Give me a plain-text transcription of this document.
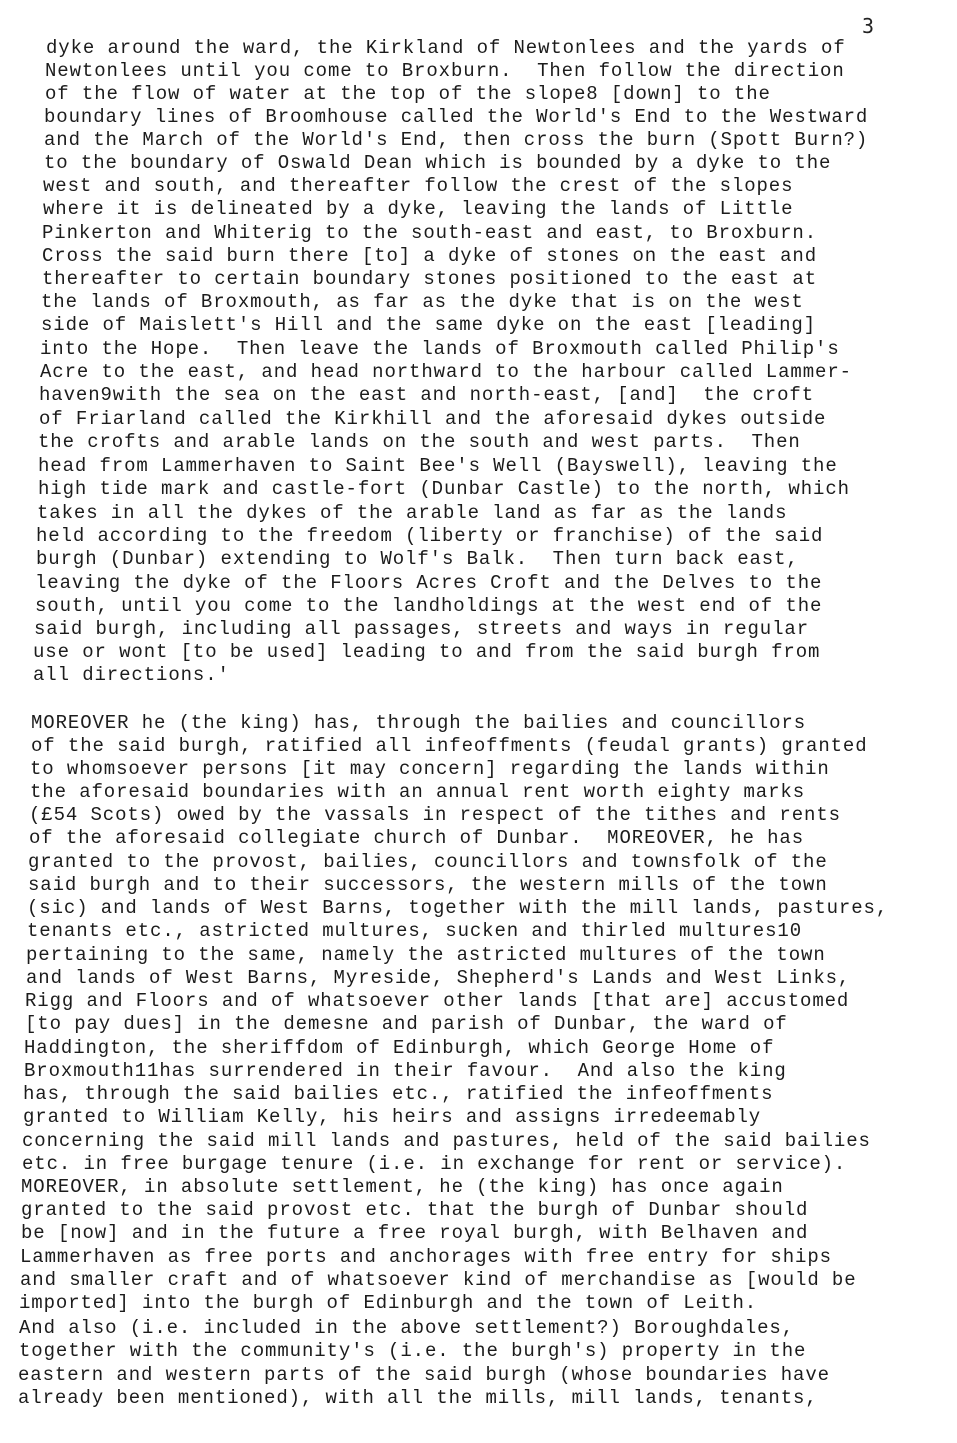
3
dyke around the ward, the Kirkland of Newtonlees and the yards of
Newtonlees until you come to Broxburn.  Then follow the direction
of the flow of water at the top of the slope8 [down] to the
boundary lines of Broomhouse called the World's End to the Westward
and the March of the World's End, then cross the burn (Spott Burn?)
to the boundary of Oswald Dean which is bounded by a dyke to the
west and south, and thereafter follow the crest of the slopes
where it is delineated by a dyke, leaving the lands of Little
Pinkerton and Whiterig to the south-east and east, to Broxburn.
Cross the said burn there [to] a dyke of stones on the east and
thereafter to certain boundary stones positioned to the east at
the lands of Broxmouth, as far as the dyke that is on the west
side of Maislett's Hill and the same dyke on the east [leading]
into the Hope.  Then leave the lands of Broxmouth called Philip's
Acre to the east, and head northward to the harbour called Lammer-
haven9with the sea on the east and north-east, [and]  the croft
of Friarland called the Kirkhill and the aforesaid dykes outside
the crofts and arable lands on the south and west parts.  Then
head from Lammerhaven to Saint Bee's Well (Bayswell), leaving the
high tide mark and castle-fort (Dunbar Castle) to the north, which
takes in all the dykes of the arable land as far as the lands
held according to the freedom (liberty or franchise) of the said
burgh (Dunbar) extending to Wolf's Balk.  Then turn back east,
leaving the dyke of the Floors Acres Croft and the Delves to the
south, until you come to the landholdings at the west end of the
said burgh, including all passages, streets and ways in regular
use or wont [to be used] leading to and from the said burgh from
all directions.'
MOREOVER he (the king) has, through the bailies and councillors
of the said burgh, ratified all infeoffments (feudal grants) granted
to whomsoever persons [it may concern] regarding the lands within
the aforesaid boundaries with an annual rent worth eighty marks
(£54 Scots) owed by the vassals in respect of the tithes and rents
of the aforesaid collegiate church of Dunbar.  MOREOVER, he has
granted to the provost, bailies, councillors and townsfolk of the
said burgh and to their successors, the western mills of the town
(sic) and lands of West Barns, together with the mill lands, pastures,
tenants etc., astricted multures, sucken and thirled multures10
pertaining to the same, namely the astricted multures of the town
and lands of West Barns, Myreside, Shepherd's Lands and West Links,
Rigg and Floors and of whatsoever other lands [that are] accustomed
[to pay dues] in the demesne and parish of Dunbar, the ward of
Haddington, the sheriffdom of Edinburgh, which George Home of
Broxmouth11has surrendered in their favour.  And also the king
has, through the said bailies etc., ratified the infeoffments
granted to William Kelly, his heirs and assigns irredeemably
concerning the said mill lands and pastures, held of the said bailies
etc. in free burgage tenure (i.e. in exchange for rent or service).
MOREOVER, in absolute settlement, he (the king) has once again
granted to the said provost etc. that the burgh of Dunbar should
be [now] and in the future a free royal burgh, with Belhaven and
Lammerhaven as free ports and anchorages with free entry for ships
and smaller craft and of whatsoever kind of merchandise as [would be
imported] into the burgh of Edinburgh and the town of Leith.
And also (i.e. included in the above settlement?) Boroughdales,
together with the community's (i.e. the burgh's) property in the
eastern and western parts of the said burgh (whose boundaries have
already been mentioned), with all the mills, mill lands, tenants,
